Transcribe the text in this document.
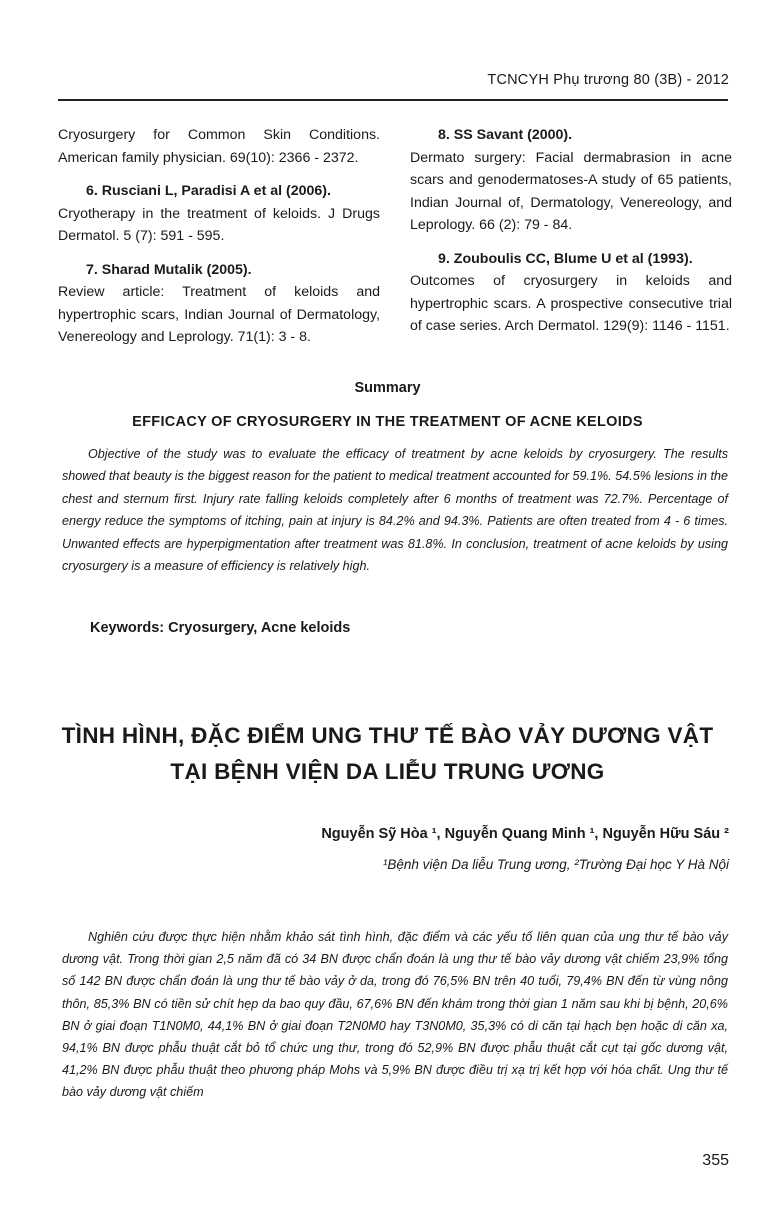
TCNCYH Phụ trương 80 (3B) - 2012

Cryosurgery for Common Skin Conditions. American family physician. 69(10): 2366 - 2372.

6. Rusciani L, Paradisi A et al (2006).
Cryotherapy in the treatment of keloids. J Drugs Dermatol. 5 (7): 591 - 595.

7. Sharad Mutalik (2005).
Review article: Treatment of keloids and hypertrophic scars, Indian Journal of Dermatology, Venereology and Leprology. 71(1): 3 - 8.

8. SS Savant (2000).
Dermato surgery: Facial dermabrasion in acne scars and genodermatoses-A study of 65 patients, Indian Journal of, Dermatology, Venereology, and Leprology. 66 (2): 79 - 84.

9. Zouboulis CC, Blume U et al (1993).
Outcomes of cryosurgery in keloids and hypertrophic scars. A prospective consecutive trial of case series. Arch Dermatol. 129(9): 1146 - 1151.

Summary
EFFICACY OF CRYOSURGERY IN THE TREATMENT OF ACNE KELOIDS
Objective of the study was to evaluate the efficacy of treatment by acne keloids by cryosurgery. The results showed that beauty is the biggest reason for the patient to medical treatment accounted for 59.1%. 54.5% lesions in the chest and sternum first. Injury rate falling keloids completely after 6 months of treatment was 72.7%. Percentage of energy reduce the symptoms of itching, pain at injury is 84.2% and 94.3%. Patients are often treated from 4 - 6 times. Unwanted effects are hyperpigmentation after treatment was 81.8%. In conclusion, treatment of acne keloids by using cryosurgery is a measure of efficiency is relatively high.
Keywords: Cryosurgery, Acne keloids
TÌNH HÌNH, ĐẶC ĐIỂM UNG THƯ TẾ BÀO VẢY DƯƠNG VẬT
TẠI BỆNH VIỆN DA LIỄU TRUNG ƯƠNG
Nguyễn Sỹ Hòa ¹, Nguyễn Quang Minh ¹, Nguyễn Hữu Sáu ²
¹Bệnh viện Da liễu Trung ương, ²Trường Đại học Y Hà Nội
Nghiên cứu được thực hiện nhằm khảo sát tình hình, đặc điểm và các yếu tố liên quan của ung thư tế bào vảy dương vật. Trong thời gian 2,5 năm đã có 34 BN được chẩn đoán là ung thư tế bào vảy dương vật chiếm 23,9% tổng số 142 BN được chẩn đoán là ung thư tế bào vảy ở da, trong đó 76,5% BN trên 40 tuổi, 79,4% BN đến từ vùng nông thôn, 85,3% BN có tiền sử chít hẹp da bao quy đầu, 67,6% BN đến khám trong thời gian 1 năm sau khi bị bệnh, 20,6% BN ở giai đoạn T1N0M0, 44,1% BN ở giai đoạn T2N0M0 hay T3N0M0, 35,3% có di căn tại hạch bẹn hoặc di căn xa, 94,1% BN được phẫu thuật cắt bỏ tổ chức ung thư, trong đó 52,9% BN được phẫu thuật cắt cụt tại gốc dương vật, 41,2% BN được phẫu thuật theo phương pháp Mohs và 5,9% BN được điều trị xạ trị kết hợp với hóa chất. Ung thư tế bào vảy dương vật chiếm
355
